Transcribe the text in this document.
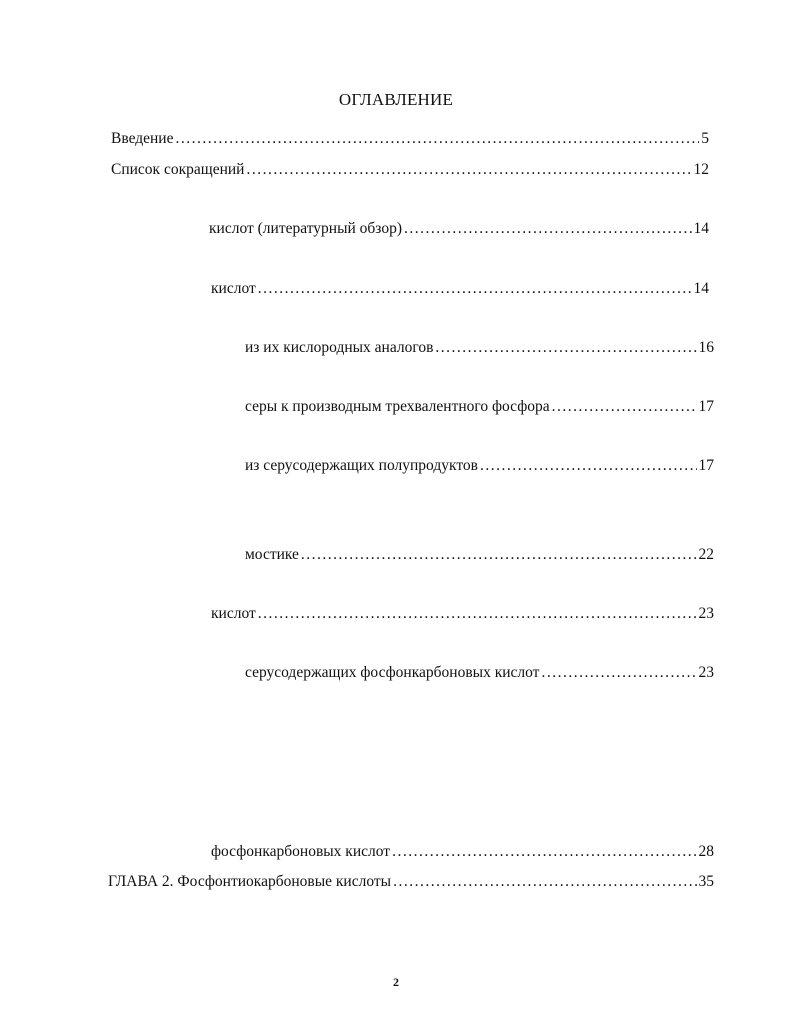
ОГЛАВЛЕНИЕ
Введение .....	5
Список сокращений .....	12
кислот (литературный обзор) .....	14
кислот .....	14
из их кислородных аналогов .....	16
серы к производным трехвалентного фосфора .....	17
из серусодержащих полупродуктов .....	17
мостике .....	22
кислот .....	23
серусодержащих фосфонкарбоновых кислот .....	23
фосфонкарбоновых кислот .....	28
ГЛАВА 2. Фосфонтиокарбоновые кислоты .....	35
2
